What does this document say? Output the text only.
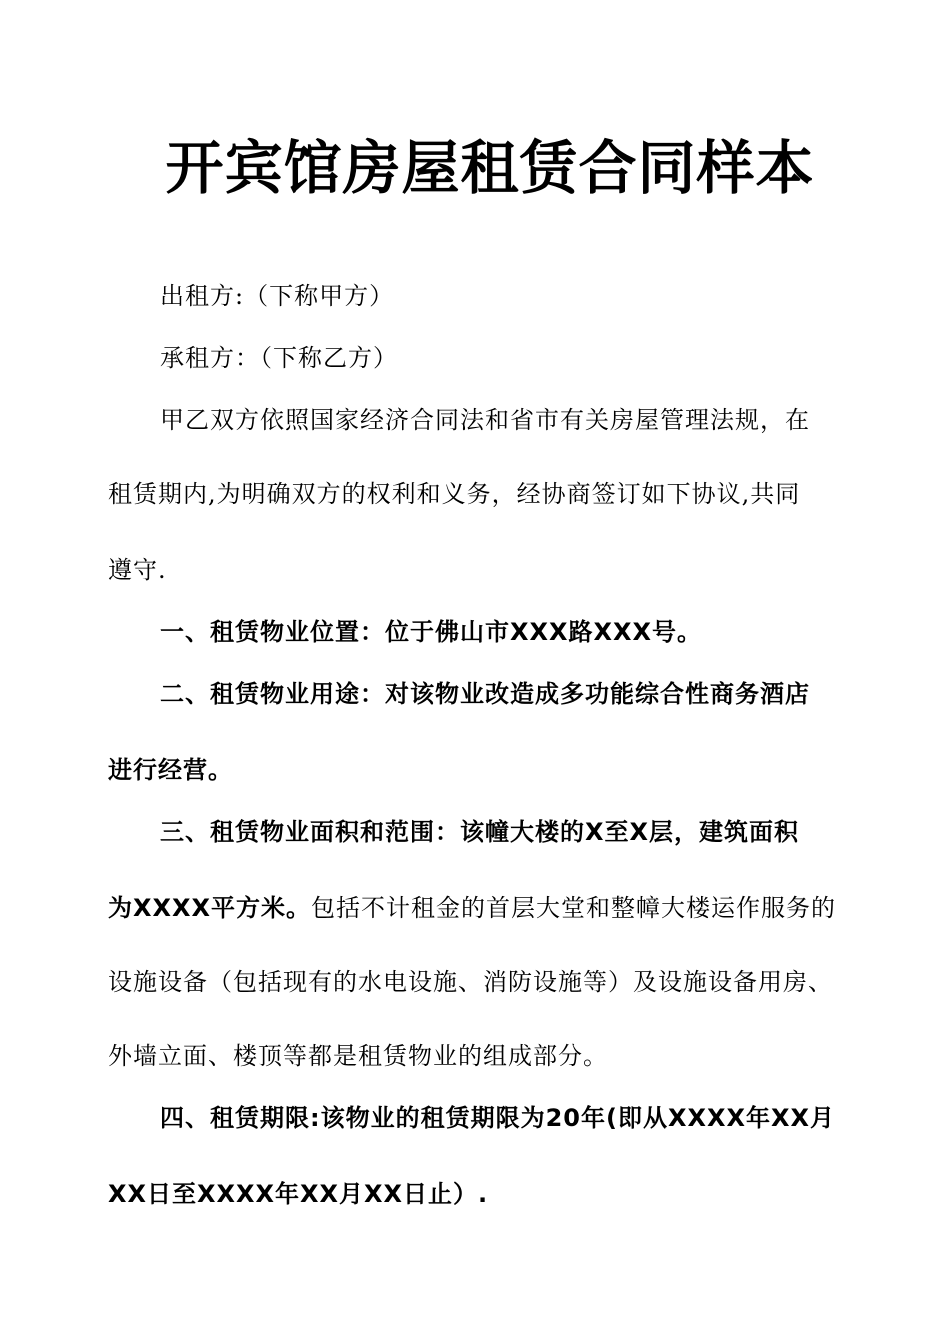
开宾馆房屋租赁合同样本
出租方:（下称甲方）
承租方：（下称乙方）
甲乙双方依照国家经济合同法和省市有关房屋管理法规，在
租赁期内,为明确双方的权利和义务，经协商签订如下协议,共同
遵守.
一、租赁物业位置：位于佛山市XXX路XXX号。
二、租赁物业用途：对该物业改造成多功能综合性商务酒店
进行经营。
三、租赁物业面积和范围：该幢大楼的X至X层，建筑面积
为XXXX平方米。包括不计租金的首层大堂和整幛大楼运作服务的
设施设备（包括现有的水电设施、消防设施等）及设施设备用房、
外墙立面、楼顶等都是租赁物业的组成部分。
四、租赁期限:该物业的租赁期限为20年(即从XXXX年XX月
XX日至XXXX年XX月XX日止）.
